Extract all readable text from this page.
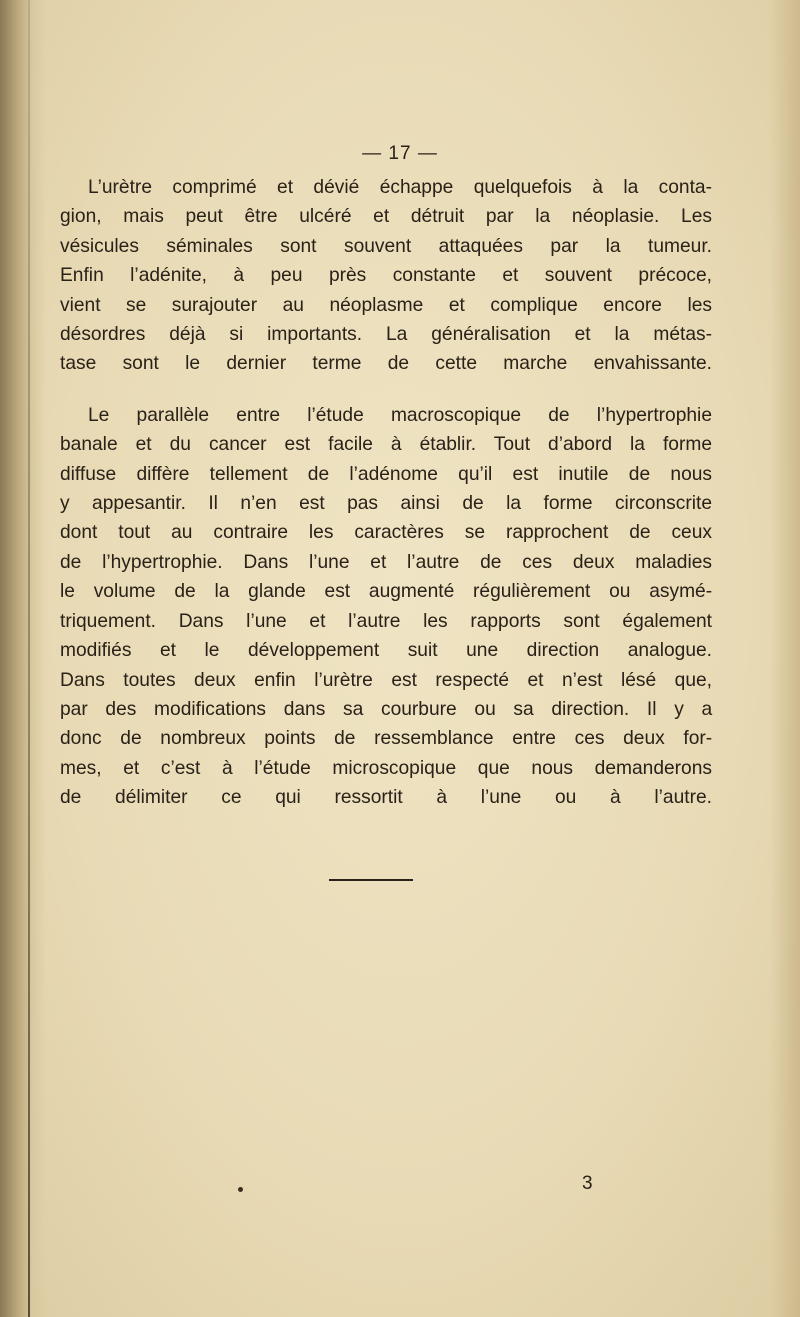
— 17 —
L’urètre comprimé et dévié échappe quelquefois à la conta-
gion, mais peut être ulcéré et détruit par la néoplasie. Les
vésicules séminales sont souvent attaquées par la tumeur.
Enfin l’adénite, à peu près constante et souvent précoce,
vient se surajouter au néoplasme et complique encore les
désordres déjà si importants. La généralisation et la métas-
tase sont le dernier terme de cette marche envahissante.
Le parallèle entre l’étude macroscopique de l’hypertrophie
banale et du cancer est facile à établir. Tout d’abord la forme
diffuse diffère tellement de l’adénome qu’il est inutile de nous
y appesantir. Il n’en est pas ainsi de la forme circonscrite
dont tout au contraire les caractères se rapprochent de ceux
de l’hypertrophie. Dans l’une et l’autre de ces deux maladies
le volume de la glande est augmenté régulièrement ou asymé-
triquement. Dans l’une et l’autre les rapports sont également
modifiés et le développement suit une direction analogue.
Dans toutes deux enfin l’urètre est respecté et n’est lésé que,
par des modifications dans sa courbure ou sa direction. Il y a
donc de nombreux points de ressemblance entre ces deux for-
mes, et c’est à l’étude microscopique que nous demanderons
de délimiter ce qui ressortit à l’une ou à l’autre.
3
